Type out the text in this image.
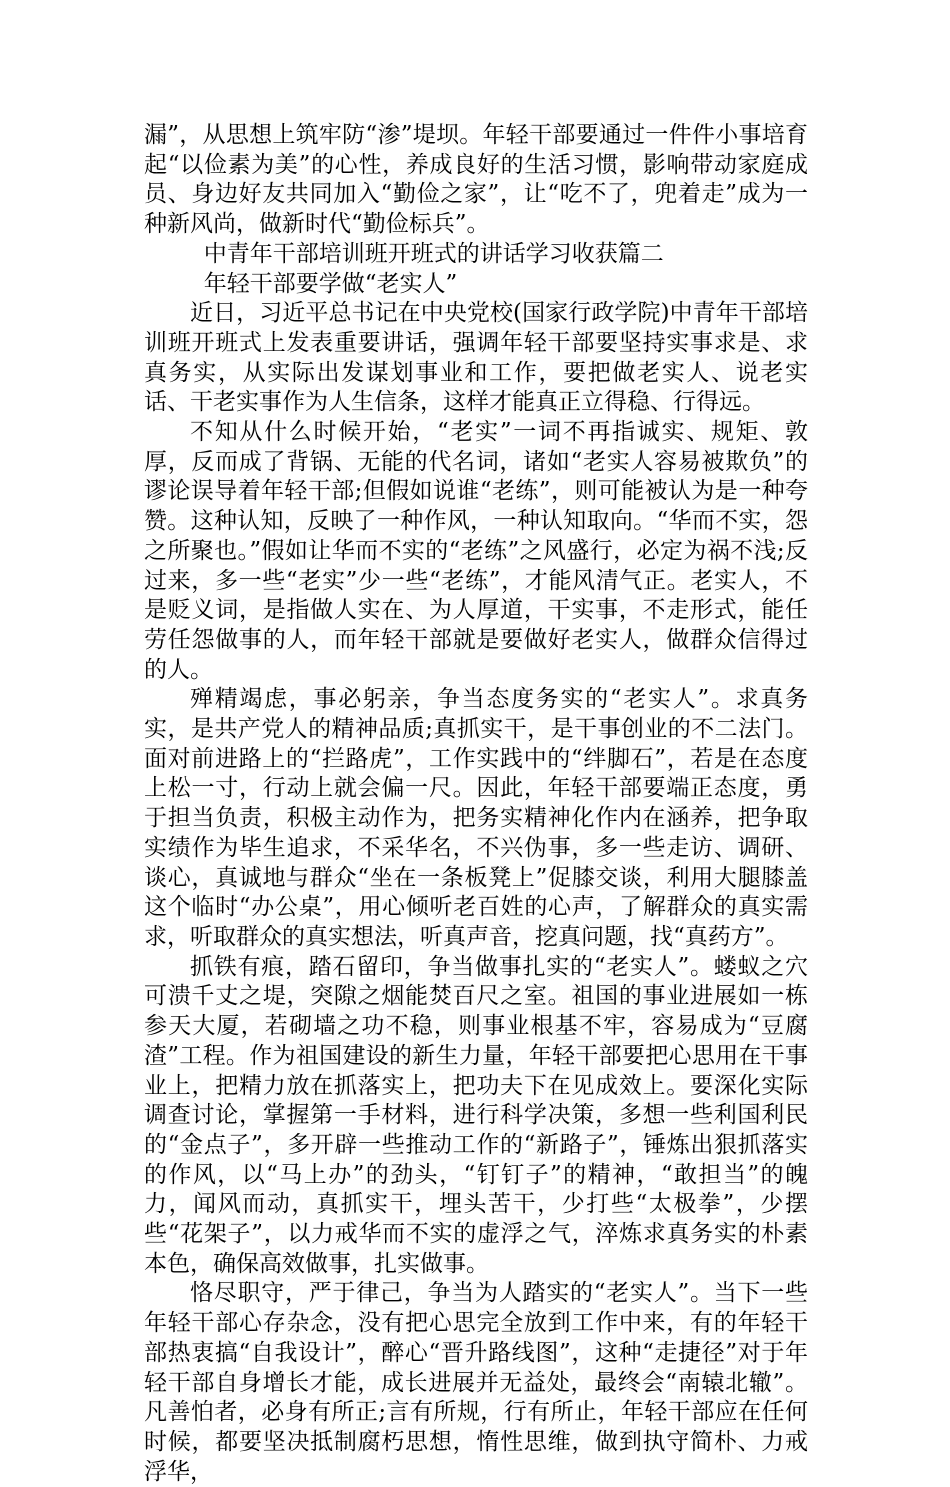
漏”，从思想上筑牢防“渗”堤坝。年轻干部要通过一件件小事培育起“以俭素为美”的心性，养成良好的生活习惯，影响带动家庭成员、身边好友共同加入“勤俭之家”，让“吃不了，兜着走”成为一种新风尚，做新时代“勤俭标兵”。

中青年干部培训班开班式的讲话学习收获篇二

年轻干部要学做“老实人”

近日，习近平总书记在中央党校(国家行政学院)中青年干部培训班开班式上发表重要讲话，强调年轻干部要坚持实事求是、求真务实，从实际出发谋划事业和工作，要把做老实人、说老实话、干老实事作为人生信条，这样才能真正立得稳、行得远。

不知从什么时候开始，“老实”一词不再指诚实、规矩、敦厚，反而成了背锅、无能的代名词，诸如“老实人容易被欺负”的谬论误导着年轻干部;但假如说谁“老练”，则可能被认为是一种夸赞。这种认知，反映了一种作风，一种认知取向。“华而不实，怨之所聚也。”假如让华而不实的“老练”之风盛行，必定为祸不浅;反过来，多一些“老实”少一些“老练”，才能风清气正。老实人，不是贬义词，是指做人实在、为人厚道，干实事，不走形式，能任劳任怨做事的人，而年轻干部就是要做好老实人，做群众信得过的人。

殚精竭虑，事必躬亲，争当态度务实的“老实人”。求真务实，是共产党人的精神品质;真抓实干，是干事创业的不二法门。面对前进路上的“拦路虎”，工作实践中的“绊脚石”，若是在态度上松一寸，行动上就会偏一尺。因此，年轻干部要端正态度，勇于担当负责，积极主动作为，把务实精神化作内在涵养，把争取实绩作为毕生追求，不采华名，不兴伪事，多一些走访、调研、谈心，真诚地与群众“坐在一条板凳上”促膝交谈，利用大腿膝盖这个临时“办公桌”，用心倾听老百姓的心声，了解群众的真实需求，听取群众的真实想法，听真声音，挖真问题，找“真药方”。

抓铁有痕，踏石留印，争当做事扎实的“老实人”。蝼蚁之穴可溃千丈之堤，突隙之烟能焚百尺之室。祖国的事业进展如一栋参天大厦，若砌墙之功不稳，则事业根基不牢，容易成为“豆腐渣”工程。作为祖国建设的新生力量，年轻干部要把心思用在干事业上，把精力放在抓落实上，把功夫下在见成效上。要深化实际调查讨论，掌握第一手材料，进行科学决策，多想一些利国利民的“金点子”，多开辟一些推动工作的“新路子”，锤炼出狠抓落实的作风，以“马上办”的劲头，“钉钉子”的精神，“敢担当”的魄力，闻风而动，真抓实干，埋头苦干，少打些“太极拳”，少摆些“花架子”，以力戒华而不实的虚浮之气，淬炼求真务实的朴素本色，确保高效做事，扎实做事。

恪尽职守，严于律己，争当为人踏实的“老实人”。当下一些年轻干部心存杂念，没有把心思完全放到工作中来，有的年轻干部热衷搞“自我设计”，醉心“晋升路线图”，这种“走捷径”对于年轻干部自身增长才能，成长进展并无益处，最终会“南辕北辙”。凡善怕者，必身有所正;言有所规，行有所止，年轻干部应在任何时候，都要坚决抵制腐朽思想，惰性思维，做到执守简朴、力戒浮华，
